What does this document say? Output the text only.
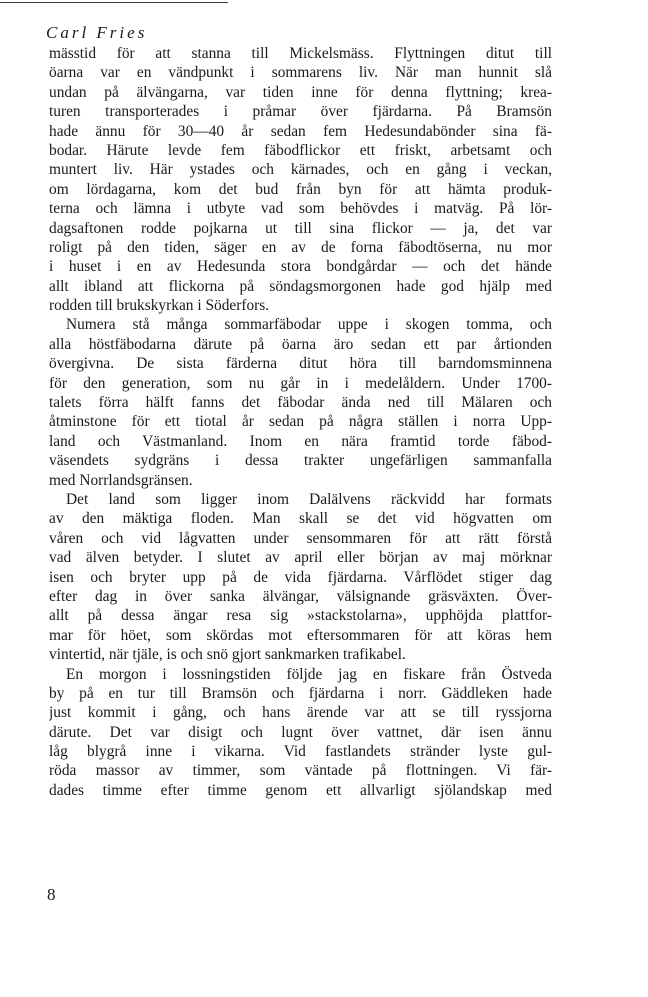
Carl Fries
mässtid för att stanna till Mickelsmäss. Flyttningen ditut till
öarna var en vändpunkt i sommarens liv. När man hunnit slå
undan på älvängarna, var tiden inne för denna flyttning; krea-
turen transporterades i pråmar över fjärdarna. På Bramsön
hade ännu för 30—40 år sedan fem Hedesundabönder sina fä-
bodar. Härute levde fem fäbodflickor ett friskt, arbetsamt och
muntert liv. Här ystades och kärnades, och en gång i veckan,
om lördagarna, kom det bud från byn för att hämta produk-
terna och lämna i utbyte vad som behövdes i matväg. På lör-
dagsaftonen rodde pojkarna ut till sina flickor — ja, det var
roligt på den tiden, säger en av de forna fäbodtöserna, nu mor
i huset i en av Hedesunda stora bondgårdar — och det hände
allt ibland att flickorna på söndagsmorgonen hade god hjälp med
rodden till brukskyrkan i Söderfors.
Numera stå många sommarfäbodar uppe i skogen tomma, och
alla höstfäbodarna därute på öarna äro sedan ett par årtionden
övergivna. De sista färderna ditut höra till barndomsminnena
för den generation, som nu går in i medelåldern. Under 1700-
talets förra hälft fanns det fäbodar ända ned till Mälaren och
åtminstone för ett tiotal år sedan på några ställen i norra Upp-
land och Västmanland. Inom en nära framtid torde fäbod-
väsendets sydgräns i dessa trakter ungefärligen sammanfalla
med Norrlandsgränsen.
Det land som ligger inom Dalälvens räckvidd har formats
av den mäktiga floden. Man skall se det vid högvatten om
våren och vid lågvatten under sensommaren för att rätt förstå
vad älven betyder. I slutet av april eller början av maj mörknar
isen och bryter upp på de vida fjärdarna. Vårflödet stiger dag
efter dag in över sanka älvängar, välsignande gräsväxten. Över-
allt på dessa ängar resa sig »stackstolarna», upphöjda plattfor-
mar för höet, som skördas mot eftersommaren för att köras hem
vintertid, när tjäle, is och snö gjort sankmarken trafikabel.
En morgon i lossningstiden följde jag en fiskare från Östveda
by på en tur till Bramsön och fjärdarna i norr. Gäddleken hade
just kommit i gång, och hans ärende var att se till ryssjorna
därute. Det var disigt och lugnt över vattnet, där isen ännu
låg blygrå inne i vikarna. Vid fastlandets stränder lyste gul-
röda massor av timmer, som väntade på flottningen. Vi fär-
dades timme efter timme genom ett allvarligt sjölandskap med
8
